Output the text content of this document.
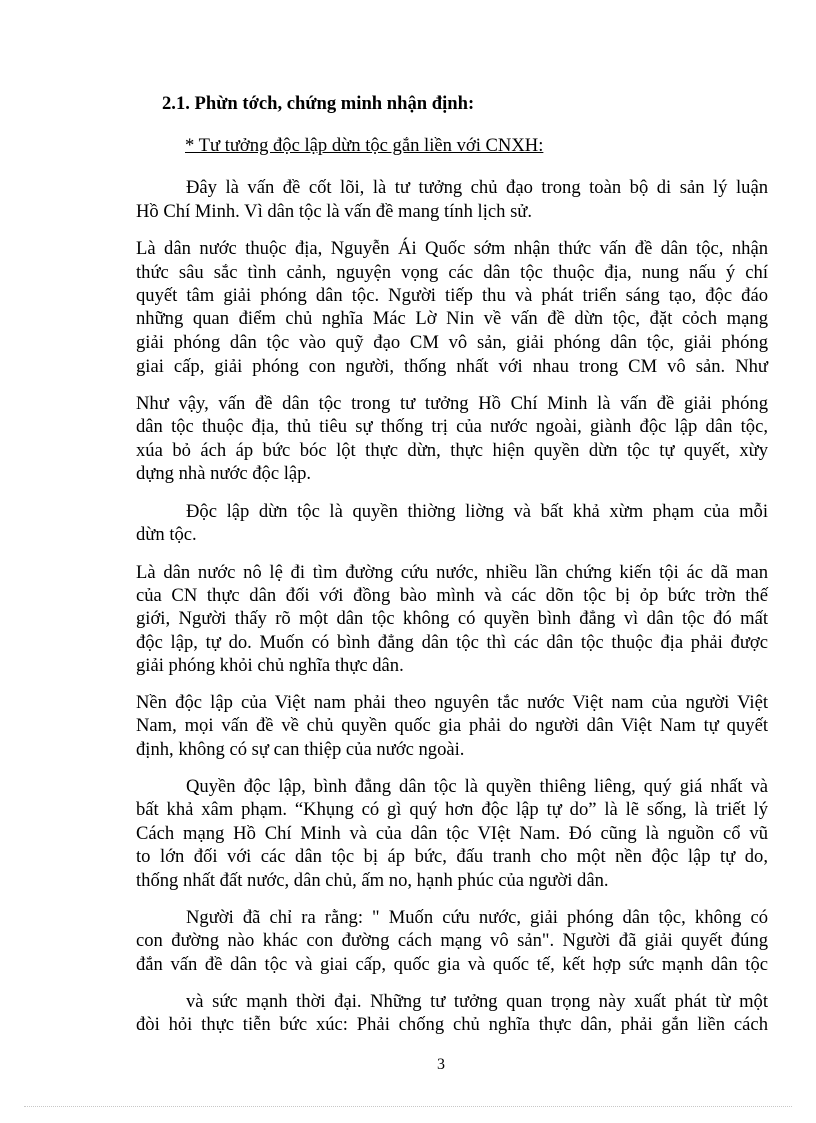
2.1. Phừn tớch, chứng minh nhận định:

* Tư tưởng độc lập dừn tộc gắn liền với CNXH:

Đây là vấn đề cốt lõi, là tư tưởng chủ đạo trong toàn bộ di sản lý luận

Hồ Chí Minh. Vì dân tộc là vấn đề mang tính lịch sử.

Là dân nước thuộc địa, Nguyễn Ái Quốc sớm nhận thức vấn đề dân tộc, nhận

thức sâu sắc tình cảnh, nguyện vọng các dân tộc thuộc địa, nung nấu ý chí

quyết tâm giải phóng dân tộc. Người tiếp thu và phát triển sáng tạo, độc đáo

những quan điểm chủ nghĩa Mác Lờ Nin về vấn đề dừn tộc, đặt cỏch mạng

giải phóng dân tộc vào quỹ đạo CM vô sản, giải phóng dân tộc, giải phóng

giai cấp, giải phóng con người, thống nhất với nhau trong CM vô sản. Như

Như vậy, vấn đề dân tộc trong tư tưởng Hồ Chí Minh là vấn đề giải phóng

dân tộc thuộc địa, thủ tiêu sự thống trị của nước ngoài, giành độc lập dân tộc,

xúa bỏ ách áp bức bóc lột thực dừn, thực hiện quyền dừn tộc tự quyết, xừy

dựng nhà nước độc lập.

Độc lập dừn tộc là quyền thiờng liờng và bất khả xừm phạm của mỗi

dừn tộc.

Là dân nước nô lệ đi tìm đường cứu nước, nhiều lần chứng kiến tội ác dã man

của CN thực dân đối với đồng bào mình và các dõn tộc bị ỏp bức trờn thế

giới, Người thấy rõ một dân tộc không có quyền bình đẳng vì dân tộc đó mất

độc lập, tự do. Muốn có bình đẳng dân tộc thì các dân tộc thuộc địa phải được

giải phóng khỏi chủ nghĩa thực dân.

Nền độc lập của Việt nam phải theo nguyên tắc nước Việt nam của người Việt

Nam, mọi vấn đề về chủ quyền quốc gia phải do người dân Việt Nam tự quyết

định, không có sự can thiệp của nước ngoài.

Quyền độc lập, bình đẳng dân tộc là quyền thiêng liêng, quý giá nhất và

bất khả xâm phạm. “Khụng có gì quý hơn độc lập tự do” là lẽ sống, là triết lý

Cách mạng Hồ Chí Minh và của dân tộc VIệt Nam. Đó cũng là nguồn cổ vũ

to lớn đối với các dân tộc bị áp bức, đấu tranh cho một nền độc lập tự do,

thống nhất đất nước, dân chủ, ấm no, hạnh phúc của người dân.

Người đã chỉ ra rằng: " Muốn cứu nước, giải phóng dân tộc, không có

con đường nào khác con đường cách mạng vô sản". Người đã giải quyết đúng

đắn vấn đề dân tộc và giai cấp, quốc gia và quốc tế, kết hợp sức mạnh dân tộc

và sức mạnh thời đại. Những tư tưởng quan trọng này xuất phát từ một

đòi hỏi thực tiễn bức xúc: Phải chống chủ nghĩa thực dân, phải gắn liền cách

3
